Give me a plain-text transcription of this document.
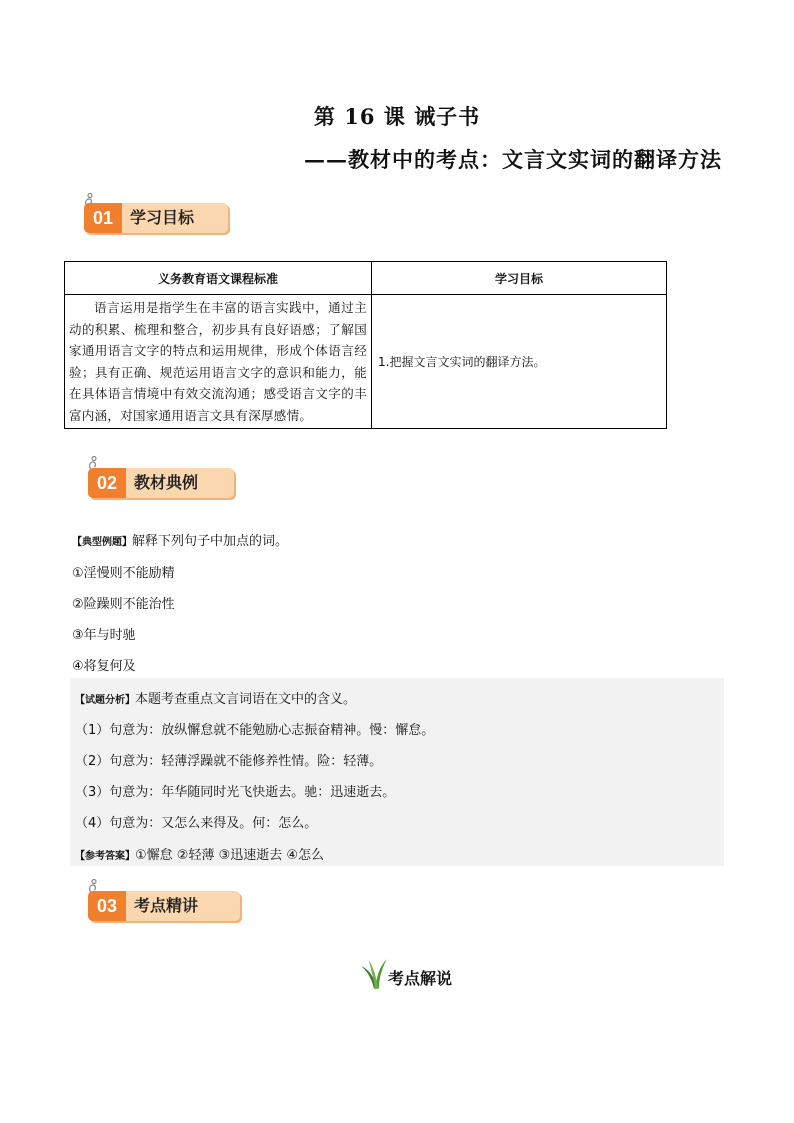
第 16 课 诫子书
——教材中的考点：文言文实词的翻译方法
01	学习目标
义务教育语文课程标准	学习目标
语言运用是指学生在丰富的语言实践中，通过主动的积累、梳理和整合，初步具有良好语感；了解国家通用语言文字的特点和运用规律，形成个体语言经验；具有正确、规范运用语言文字的意识和能力，能在具体语言情境中有效交流沟通；感受语言文字的丰富内涵，对国家通用语言文具有深厚感情。	1.把握文言文实词的翻译方法。
02	教材典例
【典型例题】解释下列句子中加点的词。
①淫慢则不能励精
②险躁则不能治性
③年与时驰
④将复何及
【试题分析】本题考查重点文言词语在文中的含义。
（1）句意为：放纵懈怠就不能勉励心志振奋精神。慢：懈怠。
（2）句意为：轻薄浮躁就不能修养性情。险：轻薄。
（3）句意为：年华随同时光飞快逝去。驰：迅速逝去。
（4）句意为：又怎么来得及。何：怎么。
【参考答案】①懈怠 ②轻薄 ③迅速逝去 ④怎么
03	考点精讲
考点解说
